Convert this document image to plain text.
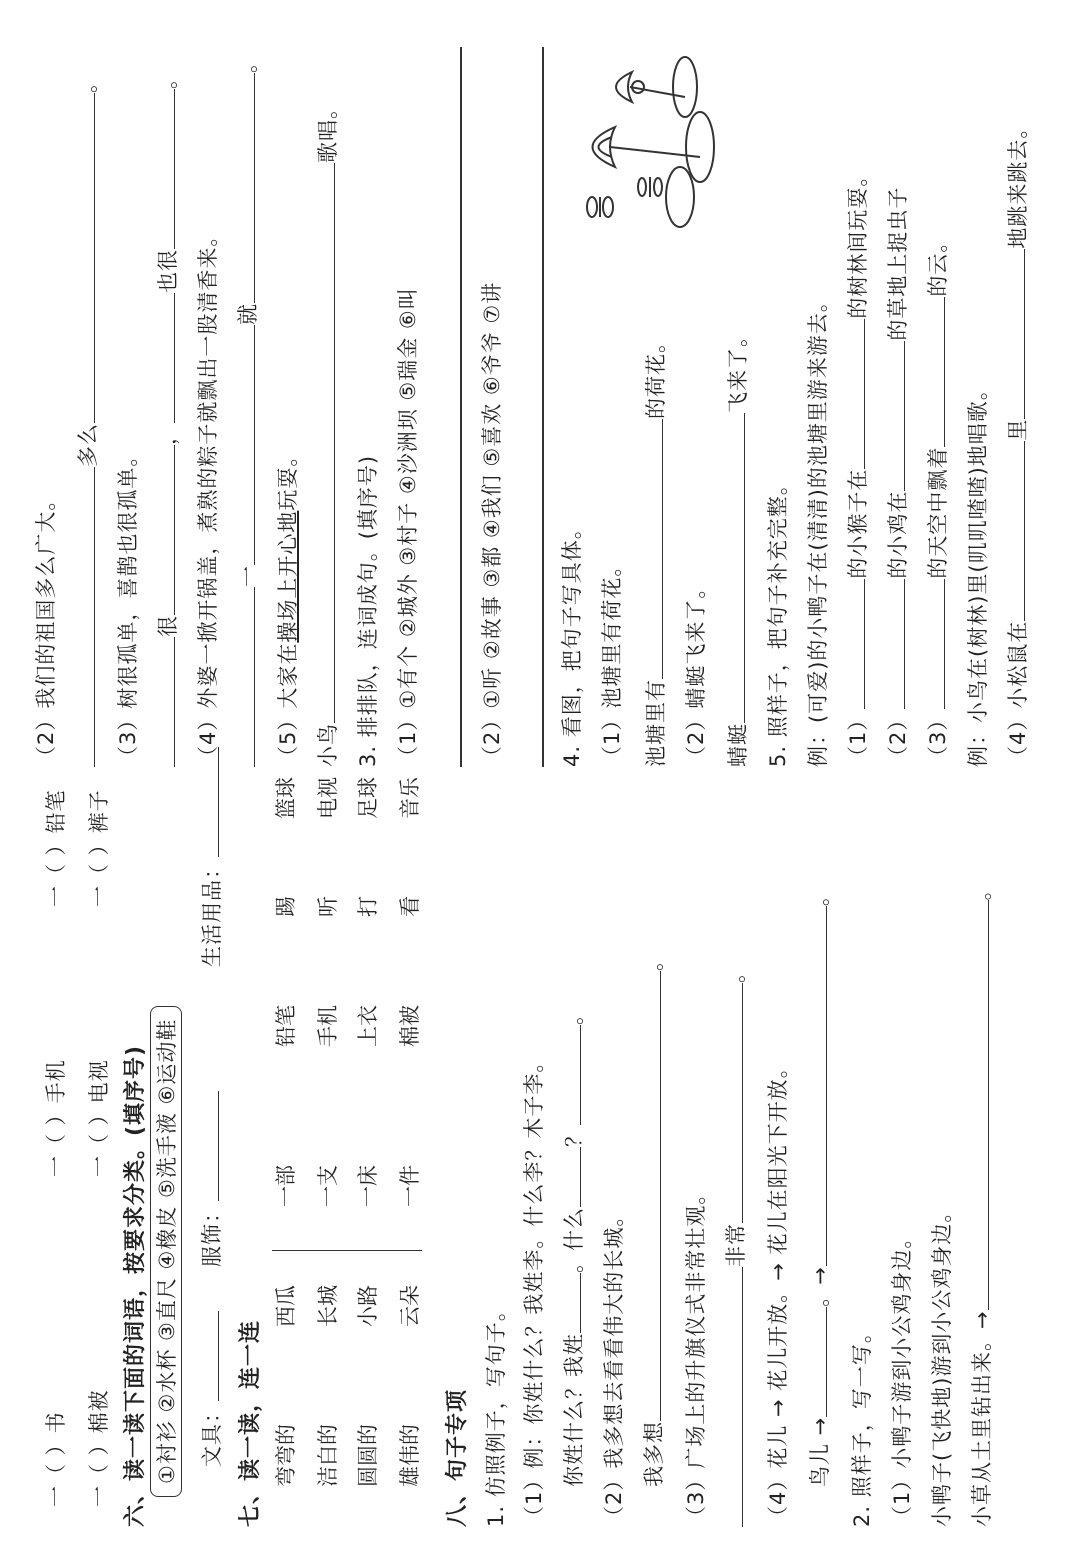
一（ ）书
一（ ）手机
一（ ）铅笔
一（ ）棉被
一（ ）电视
一（ ）裤子
六、读一读下面的词语，按要求分类。(填序号) ①衬衫 ②水杯 ③直尺 ④橡皮 ⑤洗手液 ⑥运动鞋 文具：
服饰：
生活用品：
七、读一读，连一连 弯弯的 洁白的 圆圆的 雄伟的
西瓜 长城 小路 云朵
一部 一支 一床 一件
铅笔 手机 上衣 棉被
踢 听 打 看
篮球 电视 足球 音乐
八、句子专项 1. 仿照例子，写句子。 （1）例：你姓什么？我姓李。什么李？木子李。 你姓什么？我姓。什么？。
（2）我多想去看看伟大的长城。 我多想。
（3）广场上的升旗仪式非常壮观。 非常。
（4）花儿 → 花儿开放。→ 花儿在阳光下开放。 鸟儿 →。→。
2. 照样子，写一写。 （1）小鸭子游到小公鸡身边。 小鸭子(飞快地)游到小公鸡身边。 小草从土里钻出来。→。
（2）我们的祖国多么广大。
多么。
（3）树很孤单，喜鹊也很孤单。 很，也很。
（4）外婆一掀开锅盖，煮熟的粽子就飘出一股清香来。 一就。
（5）大家在操场上开心地玩耍。
小鸟歌唱。
3. 排排队，连词成句。(填序号) （1）①有个 ②城外 ③村子 ④沙洲坝 ⑤瑞金 ⑥叫	（2）①听 ②故事 ③都 ④我们 ⑤喜欢 ⑥爷爷 ⑦讲	4. 看图，把句子写具体。 （1）池塘里有荷花。 池塘里有的荷花。
（2）蜻蜓飞来了。 蜻蜓飞来了。
5. 照样子，把句子补充完整。 例：(可爱)的小鸭子在(清清)的池塘里游来游去。 （1）的小猴子在的树林间玩耍。
（2）的小鸡在的草地上捉虫子
（3）的天空中飘着的云。
例：小鸟在(树林)里(叽叽喳喳)地唱歌。 （4）小松鼠在里地跳来跳去。
